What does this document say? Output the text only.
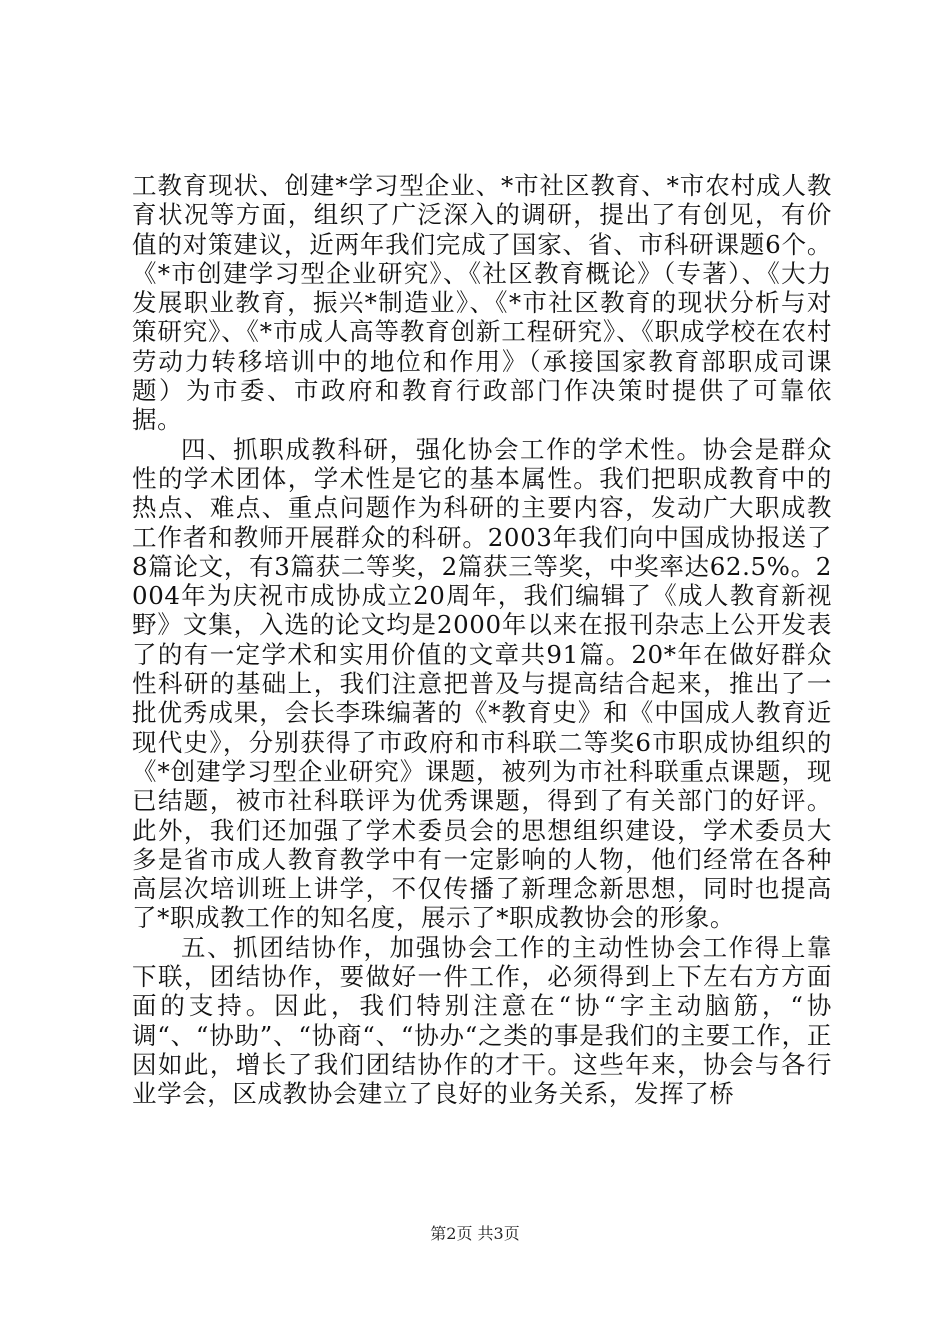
工教育现状、创建*学习型企业、*市社区教育、*市农村成人教育状况等方面，组织了广泛深入的调研，提出了有创见，有价值的对策建议，近两年我们完成了国家、省、市科研课题6个。《*市创建学习型企业研究》、《社区教育概论》（专著）、《大力发展职业教育，振兴*制造业》、《*市社区教育的现状分析与对策研究》、《*市成人高等教育创新工程研究》、《职成学校在农村劳动力转移培训中的地位和作用》（承接国家教育部职成司课题）为市委、市政府和教育行政部门作决策时提供了可靠依据。

四、抓职成教科研，强化协会工作的学术性。协会是群众性的学术团体，学术性是它的基本属性。我们把职成教育中的热点、难点、重点问题作为科研的主要内容，发动广大职成教工作者和教师开展群众的科研。2003年我们向中国成协报送了8篇论文，有3篇获二等奖，2篇获三等奖，中奖率达62.5%。2004年为庆祝市成协成立20周年，我们编辑了《成人教育新视野》文集，入选的论文均是2000年以来在报刊杂志上公开发表了的有一定学术和实用价值的文章共91篇。20*年在做好群众性科研的基础上，我们注意把普及与提高结合起来，推出了一批优秀成果，会长李珠编著的《*教育史》和《中国成人教育近现代史》，分别获得了市政府和市科联二等奖6市职成协组织的《*创建学习型企业研究》课题，被列为市社科联重点课题，现已结题，被市社科联评为优秀课题，得到了有关部门的好评。此外，我们还加强了学术委员会的思想组织建设，学术委员大多是省市成人教育教学中有一定影响的人物，他们经常在各种高层次培训班上讲学，不仅传播了新理念新思想，同时也提高了*职成教工作的知名度，展示了*职成教协会的形象。

五、抓团结协作，加强协会工作的主动性协会工作得上靠下联，团结协作，要做好一件工作，必须得到上下左右方方面面的支持。因此，我们特别注意在“协“字主动脑筋，“协调“、“协助”、“协商“、“协办“之类的事是我们的主要工作，正因如此，增长了我们团结协作的才干。这些年来，协会与各行业学会，区成教协会建立了良好的业务关系，发挥了桥

第2页 共3页
